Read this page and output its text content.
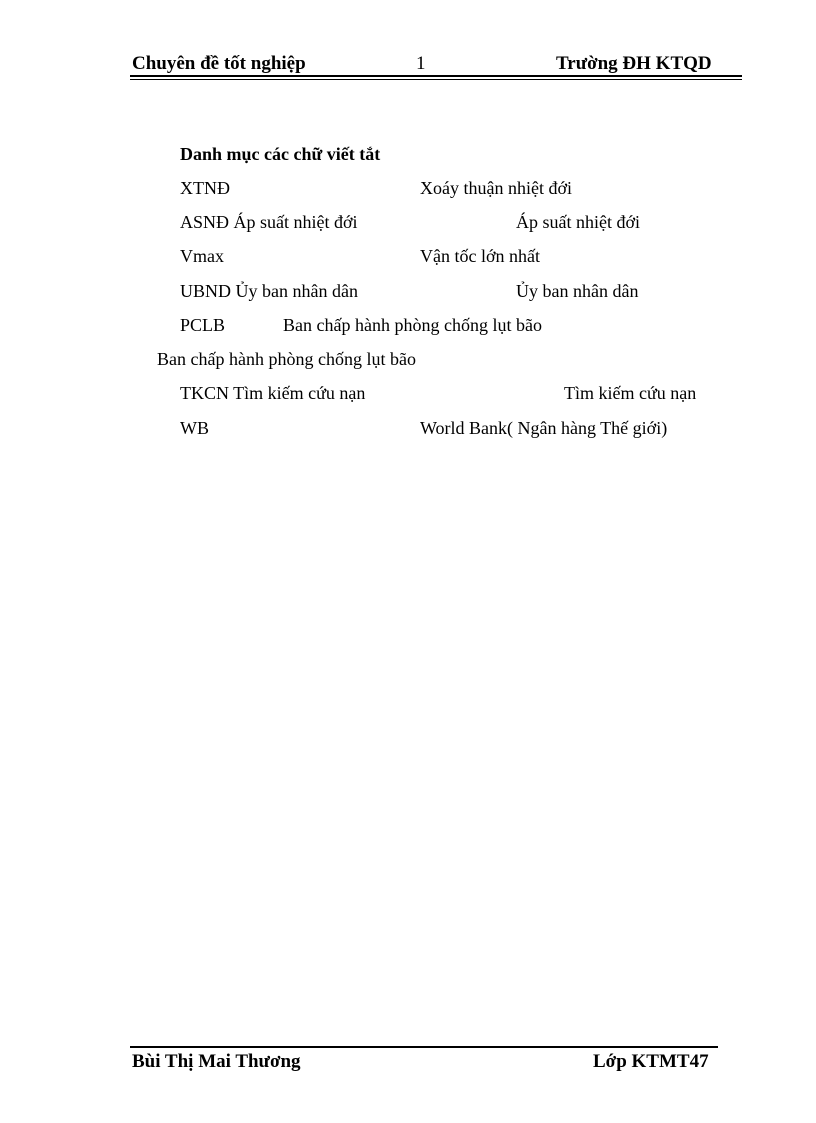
Chuyên đề tốt nghiệp	1	Trường ĐH KTQD
Danh mục các chữ viết tắt
XTNĐ	Xoáy thuận nhiệt đới
ASNĐ Áp suất nhiệt đới	Áp suất nhiệt đới
Vmax	Vận tốc lớn nhất
UBND Ủy ban nhân dân	Ủy ban nhân dân
PCLB	Ban chấp hành phòng chống lụt bão
Ban chấp hành phòng chống lụt bão
TKCN Tìm kiếm cứu nạn	Tìm kiếm cứu nạn
WB	World Bank( Ngân hàng Thế giới)
Bùi Thị Mai Thương	Lớp KTMT47
